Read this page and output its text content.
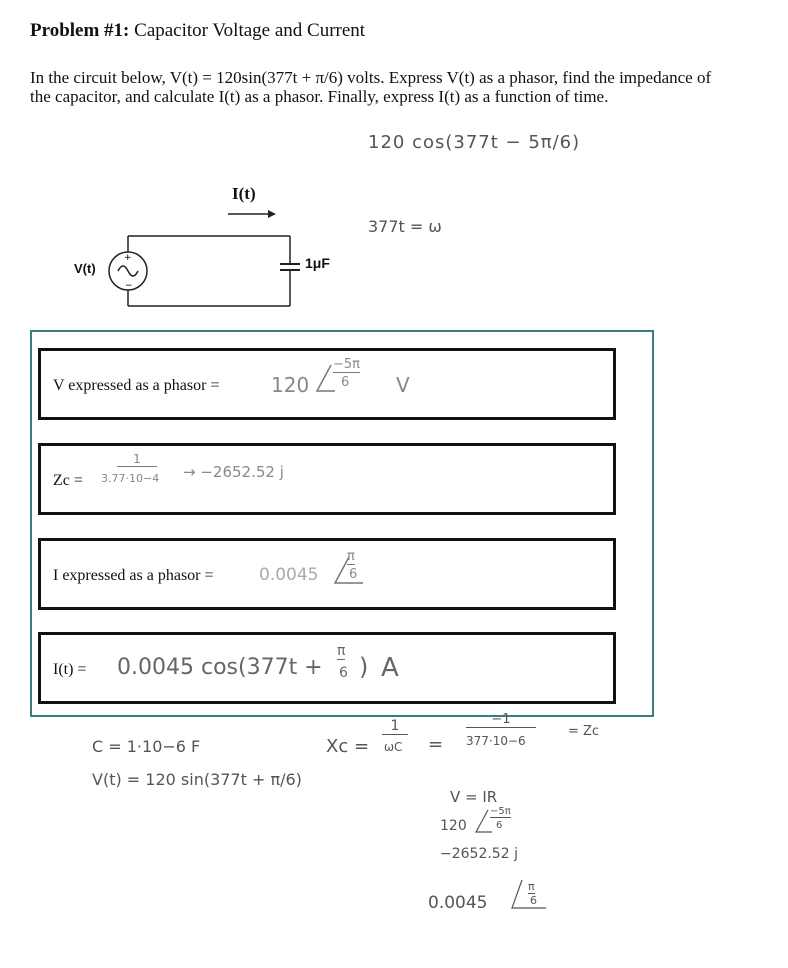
Problem #1: Capacitor Voltage and Current
In the circuit below, V(t) = 120sin(377t + π/6) volts. Express V(t) as a phasor, find the impedance of the capacitor, and calculate I(t) as a phasor. Finally, express I(t) as a function of time.
120 cos(377t − 5π/6)
+
−
I(t)
V(t)	1μF
377t = ω
V expressed as a phasor =	120
−5π
6 V
Zc =
1
3.77·10−4 → −2652.52 j
I expressed as a phasor =	0.0045
π
6
I(t) = 0.0045 cos(377t +
π
6 ) A
C = 1·10−6 F
V(t) = 120 sin(377t + π/6)
Xc =
1
ωC =
−1
377·10−6
= Zc
V = IR
120
−5π
6
−2652.52 j
0.0045
π
6
